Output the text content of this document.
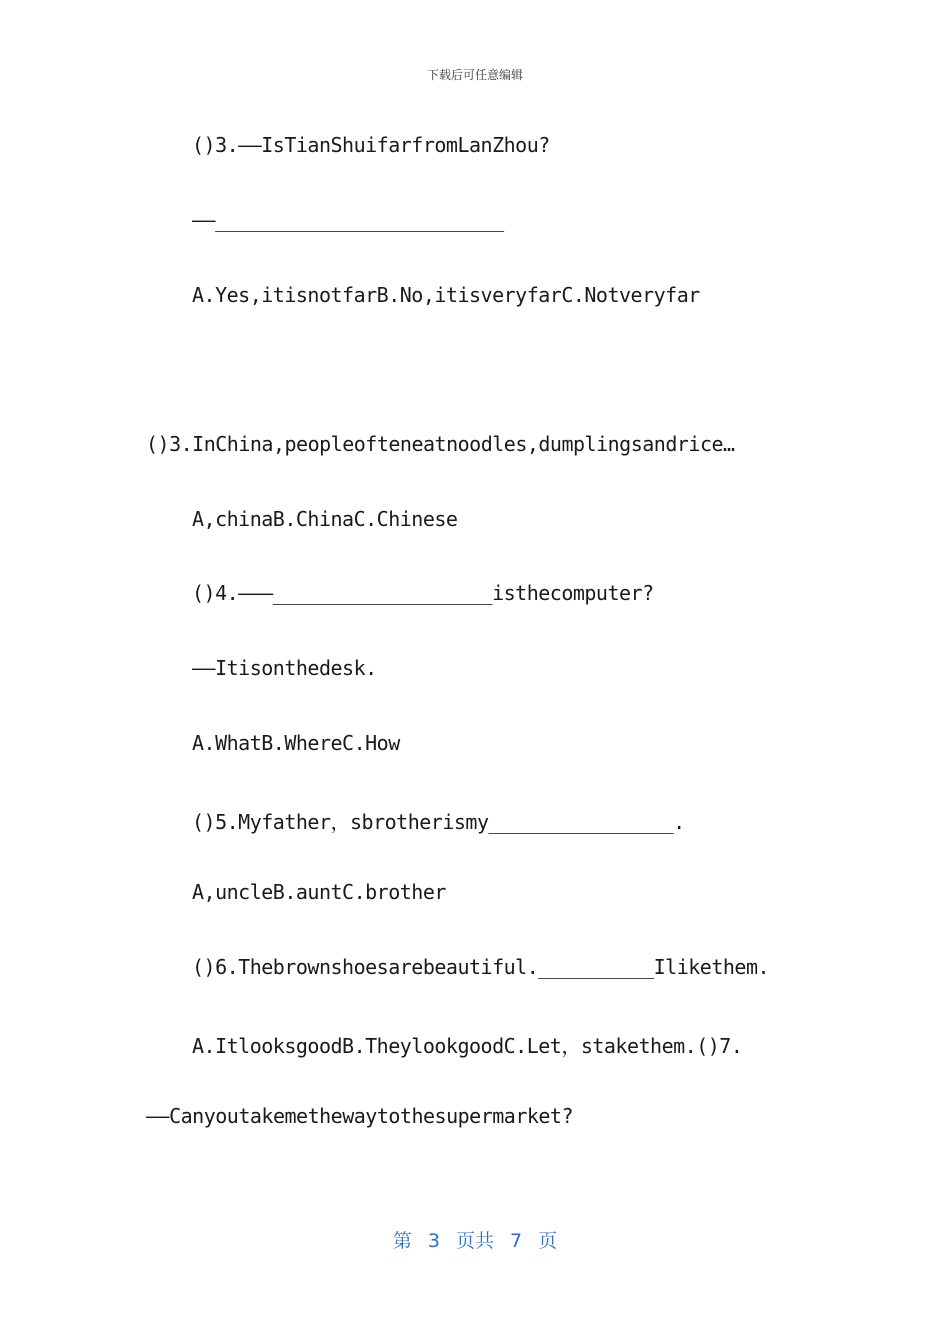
下载后可任意编辑
()3.——IsTianShuifarfromLanZhou?
——_________________________
A.Yes,itisnotfarB.No,itisveryfarC.Notveryfar
()3.InChina,peopleofteneatnoodles,dumplingsandrice…
A,chinaB.ChinaC.Chinese
()4.———___________________isthecomputer?
——Itisonthedesk.
A.WhatB.WhereC.How
()5.Myfather，sbrotherismy________________.
A,uncleB.auntC.brother
()6.Thebrownshoesarebeautiful.__________Ilikethem.
A.ItlooksgoodB.TheylookgoodC.Let，stakethem.()7.
——Canyoutakemethewaytothesupermarket?
第 3 页共 7 页
